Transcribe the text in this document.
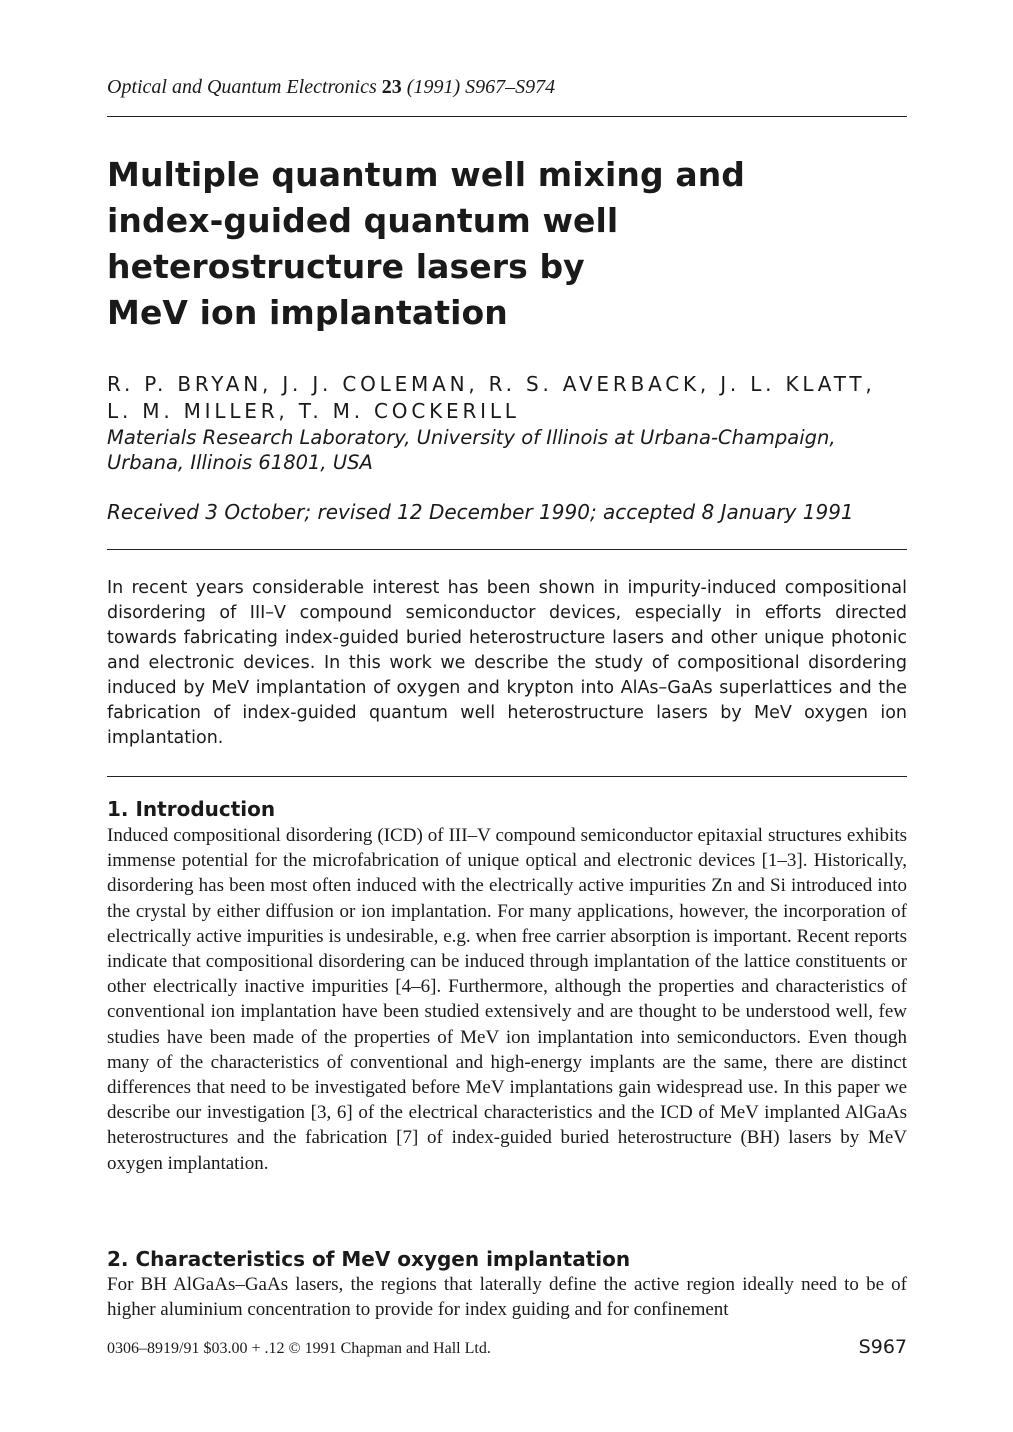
Optical and Quantum Electronics 23 (1991) S967–S974
Multiple quantum well mixing and
index-guided quantum well
heterostructure lasers by
MeV ion implantation

R. P. BRYAN, J. J. COLEMAN, R. S. AVERBACK, J. L. KLATT,
L. M. MILLER, T. M. COCKERILL

Materials Research Laboratory, University of Illinois at Urbana-Champaign,
Urbana, Illinois 61801, USA

Received 3 October; revised 12 December 1990; accepted 8 January 1991

In recent years considerable interest has been shown in impurity-induced compositional disordering of III–V compound semiconductor devices, especially in efforts directed towards fabricating index-guided buried heterostructure lasers and other unique photonic and electronic devices. In this work we describe the study of compositional disordering induced by MeV implantation of oxygen and krypton into AlAs–GaAs superlattices and the fabrication of index-guided quantum well heterostructure lasers by MeV oxygen ion implantation.

1. Introduction

Induced compositional disordering (ICD) of III–V compound semiconductor epitaxial structures exhibits immense potential for the microfabrication of unique optical and electronic devices [1–3]. Historically, disordering has been most often induced with the electrically active impurities Zn and Si introduced into the crystal by either diffusion or ion implantation. For many applications, however, the incorporation of electrically active impurities is undesirable, e.g. when free carrier absorption is important. Recent reports indicate that compositional disordering can be induced through implantation of the lattice constituents or other electrically inactive impurities [4–6]. Furthermore, although the properties and characteristics of conventional ion implantation have been studied extensively and are thought to be understood well, few studies have been made of the properties of MeV ion implantation into semiconductors. Even though many of the characteristics of conventional and high-energy implants are the same, there are distinct differences that need to be investigated before MeV implantations gain widespread use. In this paper we describe our investigation [3, 6] of the electrical characteristics and the ICD of MeV implanted AlGaAs heterostructures and the fabrication [7] of index-guided buried heterostructure (BH) lasers by MeV oxygen implantation.

2. Characteristics of MeV oxygen implantation

For BH AlGaAs–GaAs lasers, the regions that laterally define the active region ideally need to be of higher aluminium concentration to provide for index guiding and for confinement

0306–8919/91 $03.00 + .12 © 1991 Chapman and Hall Ltd.	S967
